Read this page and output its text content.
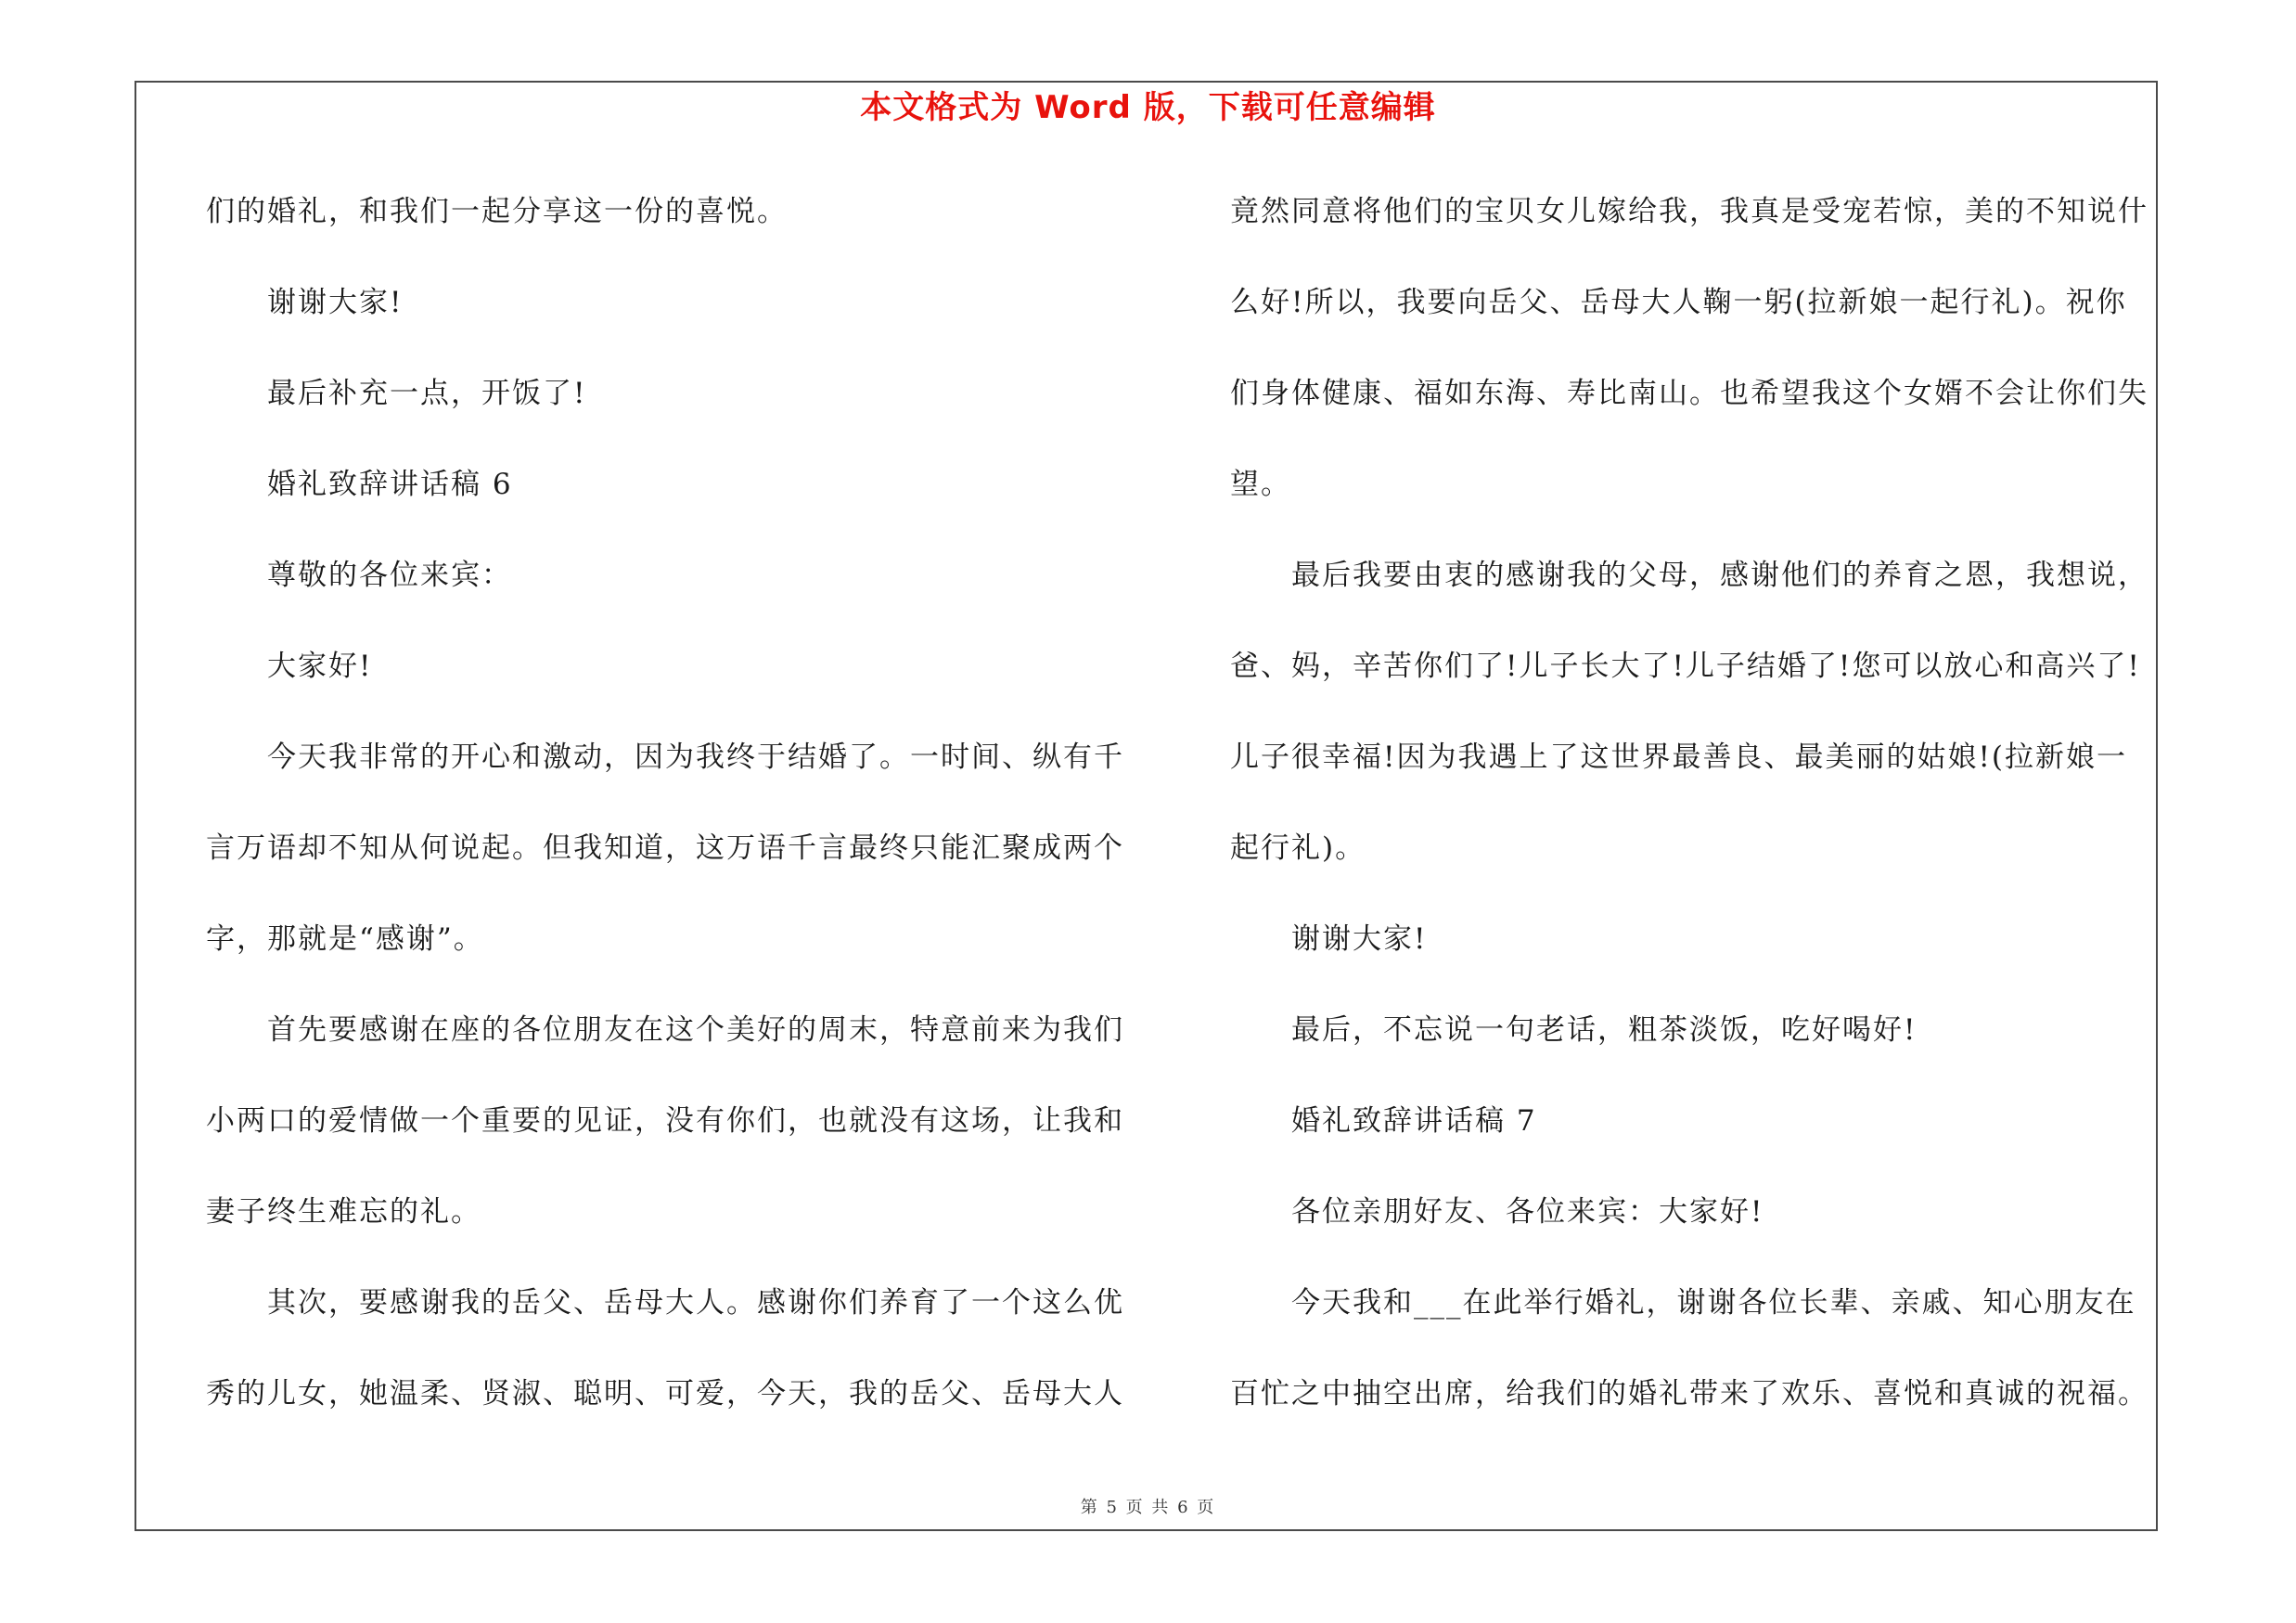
本文格式为 Word 版，下载可任意编辑
们的婚礼，和我们一起分享这一份的喜悦。
谢谢大家!
最后补充一点，开饭了!
婚礼致辞讲话稿 6
尊敬的各位来宾：
大家好!
今天我非常的开心和激动，因为我终于结婚了。一时间、纵有千
言万语却不知从何说起。但我知道，这万语千言最终只能汇聚成两个
字，那就是“感谢”。
首先要感谢在座的各位朋友在这个美好的周末，特意前来为我们
小两口的爱情做一个重要的见证，没有你们，也就没有这场，让我和
妻子终生难忘的礼。
其次，要感谢我的岳父、岳母大人。感谢你们养育了一个这么优
秀的儿女，她温柔、贤淑、聪明、可爱，今天，我的岳父、岳母大人
竟然同意将他们的宝贝女儿嫁给我，我真是受宠若惊，美的不知说什
么好!所以，我要向岳父、岳母大人鞠一躬(拉新娘一起行礼)。祝你
们身体健康、福如东海、寿比南山。也希望我这个女婿不会让你们失
望。
最后我要由衷的感谢我的父母，感谢他们的养育之恩，我想说，
爸、妈，辛苦你们了!儿子长大了!儿子结婚了!您可以放心和高兴了!
儿子很幸福!因为我遇上了这世界最善良、最美丽的姑娘!(拉新娘一
起行礼)。
谢谢大家!
最后，不忘说一句老话，粗茶淡饭，吃好喝好!
婚礼致辞讲话稿 7
各位亲朋好友、各位来宾：大家好!
今天我和___在此举行婚礼，谢谢各位长辈、亲戚、知心朋友在
百忙之中抽空出席，给我们的婚礼带来了欢乐、喜悦和真诚的祝福。
第 5 页 共 6 页
